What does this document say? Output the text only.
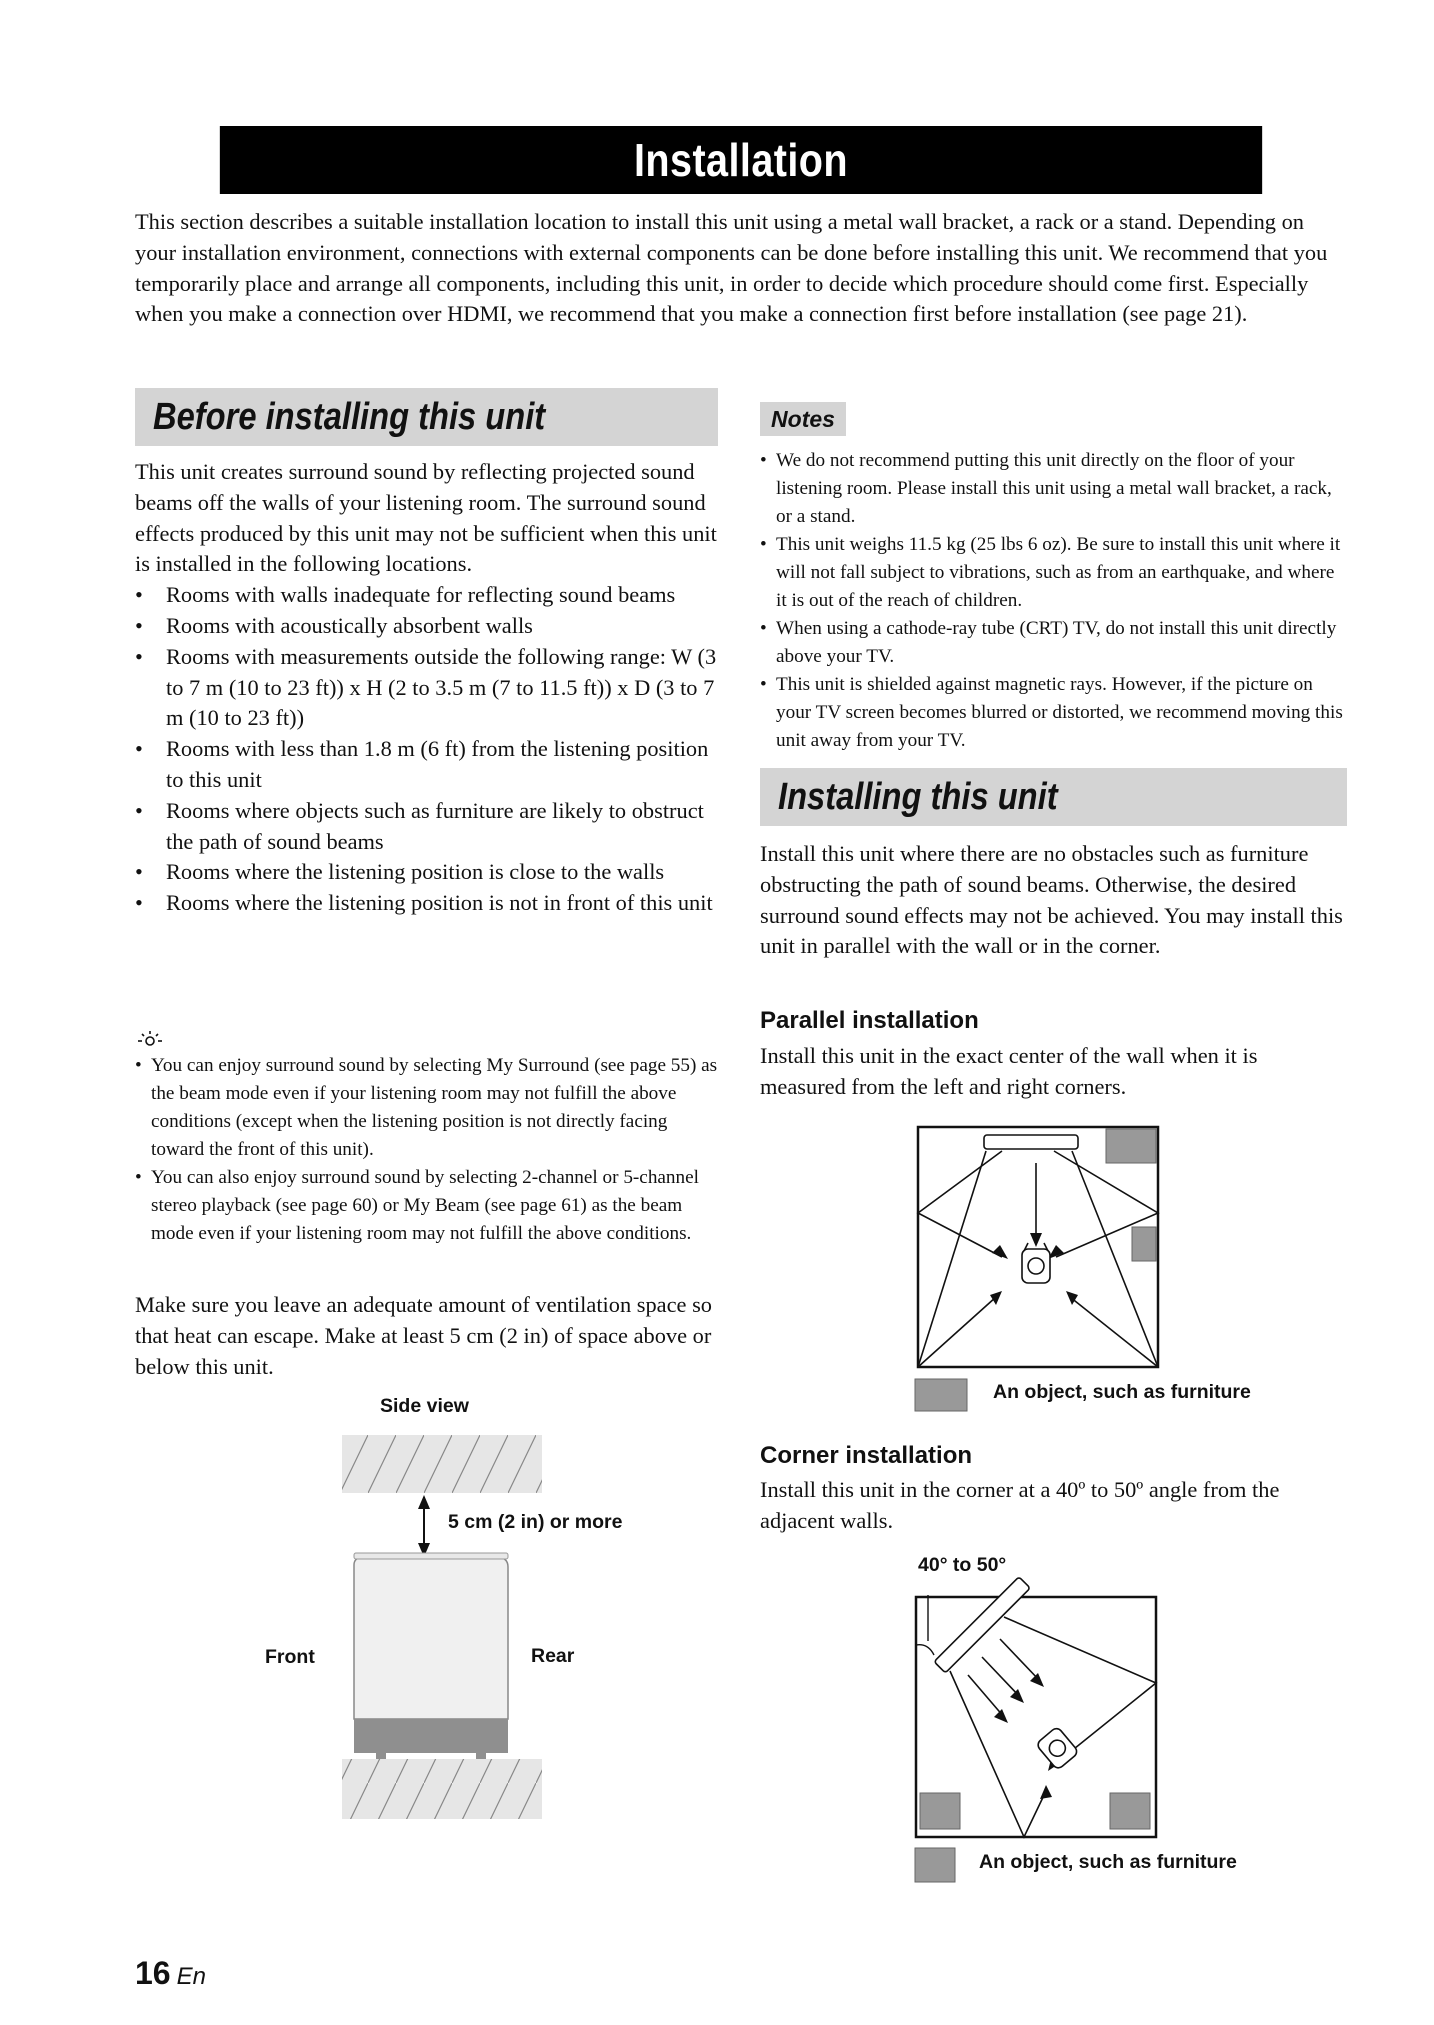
Installation
This section describes a suitable installation location to install this unit using a metal wall bracket, a rack or a stand. Depending on your installation environment, connections with external components can be done before installing this unit. We recommend that you temporarily place and arrange all components, including this unit, in order to decide which procedure should come first. Especially when you make a connection over HDMI, we recommend that you make a connection first before installation (see page 21).
Before installing this unit

This unit creates surround sound by reflecting projected sound beams off the walls of your listening room. The surround sound effects produced by this unit may not be sufficient when this unit is installed in the following locations.

• Rooms with walls inadequate for reflecting sound beams
• Rooms with acoustically absorbent walls
• Rooms with measurements outside the following range: W (3 to 7 m (10 to 23 ft)) x H (2 to 3.5 m (7 to 11.5 ft)) x D (3 to 7 m (10 to 23 ft))
• Rooms with less than 1.8 m (6 ft) from the listening position to this unit
• Rooms where objects such as furniture are likely to obstruct the path of sound beams
• Rooms where the listening position is close to the walls
• Rooms where the listening position is not in front of this unit
• You can enjoy surround sound by selecting My Surround (see page 55) as the beam mode even if your listening room may not fulfill the above conditions (except when the listening position is not directly facing toward the front of this unit).
• You can also enjoy surround sound by selecting 2-channel or 5-channel stereo playback (see page 60) or My Beam (see page 61) as the beam mode even if your listening room may not fulfill the above conditions.
Make sure you leave an adequate amount of ventilation space so that heat can escape. Make at least 5 cm (2 in) of space above or below this unit.
Side view
5 cm (2 in) or more
Front	Rear
Notes
• We do not recommend putting this unit directly on the floor of your listening room. Please install this unit using a metal wall bracket, a rack, or a stand.
• This unit weighs 11.5 kg (25 lbs 6 oz). Be sure to install this unit where it will not fall subject to vibrations, such as from an earthquake, and where it is out of the reach of children.
• When using a cathode-ray tube (CRT) TV, do not install this unit directly above your TV.
• This unit is shielded against magnetic rays. However, if the picture on your TV screen becomes blurred or distorted, we recommend moving this unit away from your TV.
Installing this unit
Install this unit where there are no obstacles such as furniture obstructing the path of sound beams. Otherwise, the desired surround sound effects may not be achieved. You may install this unit in parallel with the wall or in the corner.
Parallel installation
Install this unit in the exact center of the wall when it is measured from the left and right corners.
An object, such as furniture
Corner installation
Install this unit in the corner at a 40º to 50º angle from the adjacent walls.
40° to 50°
An object, such as furniture
16 En
